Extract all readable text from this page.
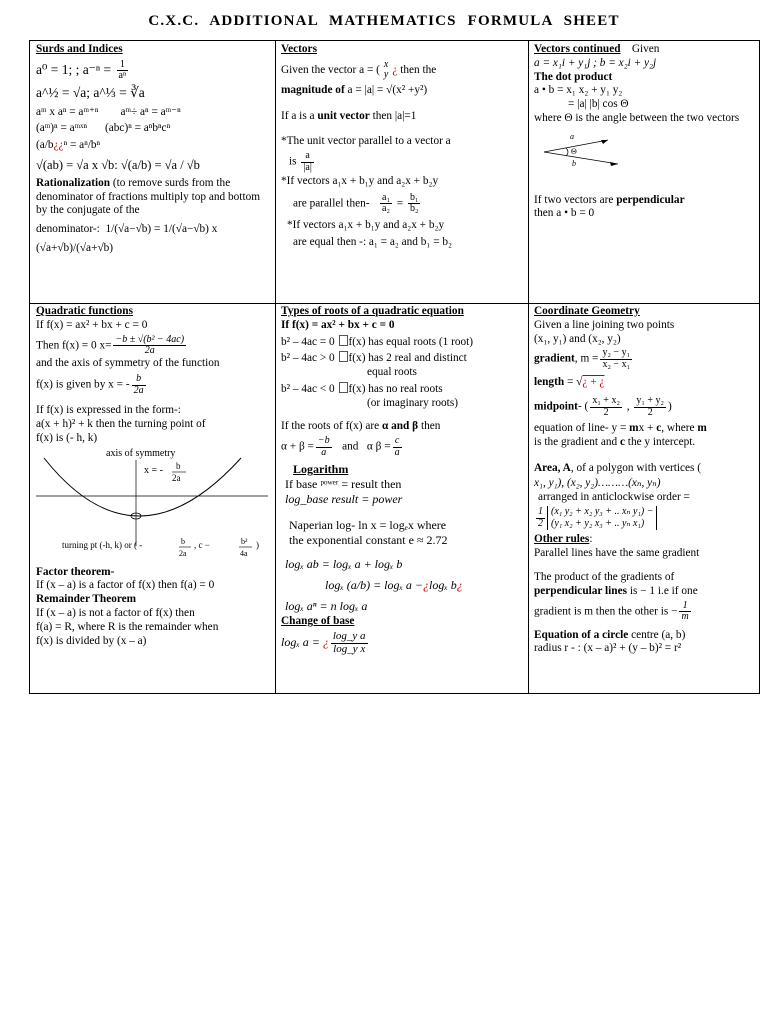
C.X.C. ADDITIONAL MATHEMATICS FORMULA SHEET
Surds and Indices
a⁰ = 1; ; $a^{-n} = \frac{1}{\text{aⁿ}}$
a^½ = √a; a^⅓ = ∛a
aᵐ x aⁿ = aᵐ⁺ⁿ aᵐ÷ aⁿ = aᵐ⁻ⁿ
(aᵐ)ⁿ = aᵐˣⁿ (abc)ⁿ = aⁿbⁿcⁿ
(a/b¿¿ⁿ = aⁿ/bⁿ
√(ab) = √a x √b: √(a/b) = √a / √b
Rationalization (to remove surds from the denominator of fractions multiply top and bottom by the conjugate of the
denominator-: 1/(√a−√b) = 1/(√a−√b) x
(√a+√b)/(√a+√b)
Vectors
Given the vector a = ( x
y ¿ then the
magnitude of a = |a| = √(x² +y²)
If a is a unit vector then |a|=1
*The unit vector parallel to a vector a
is $\frac{a}{|a|}$
*If vectors a₁x + b₁y and a₂x + b₂y
are parallel then- $\frac{\text{a₁}}{\text{a₂}} = \frac{\text{b₁}}{\text{b₂}}$
*If vectors a₁x + b₁y and a₂x + b₂y
are equal then -: a₁ = a₂ and b₁ = b₂
Vectors continued Given
a = x₁i + y₁j ; b = x₂i + y₂j
The dot product
a • b = x₁ x₂ + y₁ y₂
= |a| |b| cos Θ
where Θ is the angle between the two vectors
a
Θ
b
If two vectors are perpendicular
then a • b = 0
Quadratic functions
If f(x) = ax² + bx + c = 0
Then f(x) = 0 $x= \frac{\text{−b ± √(b² − 4ac)}}{2a}$
and the axis of symmetry of the function
f(x) is given by x = - $\frac{b}{2a}$
If f(x) is expressed in the form-:
a(x + h)² + k then the turning point of
f(x) is (- h, k)
axis of symmetry
x = - b
2a
turning pt (-h, k) or ( -	b
2a
, c −	b²
4a
)
Factor theorem-
If (x – a) is a factor of f(x) then f(a) = 0
Remainder Theorem
If (x – a) is not a factor of f(x) then
f(a) = R, where R is the remainder when
f(x) is divided by (x – a)
Types of roots of a quadratic equation
If f(x) = ax² + bx + c = 0
b² – 4ac = 0 f(x) has equal roots (1 root)
b² – 4ac > 0 f(x) has 2 real and distinct
equal roots
b² – 4ac < 0 f(x) has no real roots
(or imaginary roots)
If the roots of f(x) are α and β then
$\alpha + \beta = \frac{-b}{a}$ and α $\beta = \frac{c}{a}$
Logarithm
If base ᵖᵒʷᵉʳ = result then
log_base result = power
Naperian log- ln x = logₑx where
the exponential constant e ≈ 2.72
logₓ ab = logₓ a + logₓ b
logₓ (a/b) = logₓ a −¿logₓ b¿
logₓ aⁿ = n logₓ a
Change of base
logₓ a = ¿ $\frac{\text{log\_y a}}{\text{log\_y x}}$
Coordinate Geometry
Given a line joining two points
(x₁, y₁) and (x₂, y₂)
gradient, $m = \frac{\text{y₂ − y₁}}{\text{x₂ − x₁}}$
length = √¿ + ¿
midpoint- ( $\frac{\text{x₁ + x₂}}{2}$ , $\frac{\text{y₁ + y₂}}{2}$ )
equation of line- y = mx + c, where m
is the gradient and c the y intercept.
Area, A, of a polygon with vertices (
x₁, y₁), (x₂, y₂)………(xₙ, yₙ)
arranged in anticlockwise order =
$\frac{1}{2} (x_1$ y₂ + x₂ y₃ + .. xₙ y₁) −
(y₁ x₂ + y₂ x₃ + .. yₙ x₁)
Other rules:
Parallel lines have the same gradient
The product of the gradients of
perpendicular lines is − 1 i.e if one
gradient is m then the other is − $\frac{1}{m}$
Equation of a circle centre (a, b)
radius r - : (x – a)² + (y – b)² = r²
